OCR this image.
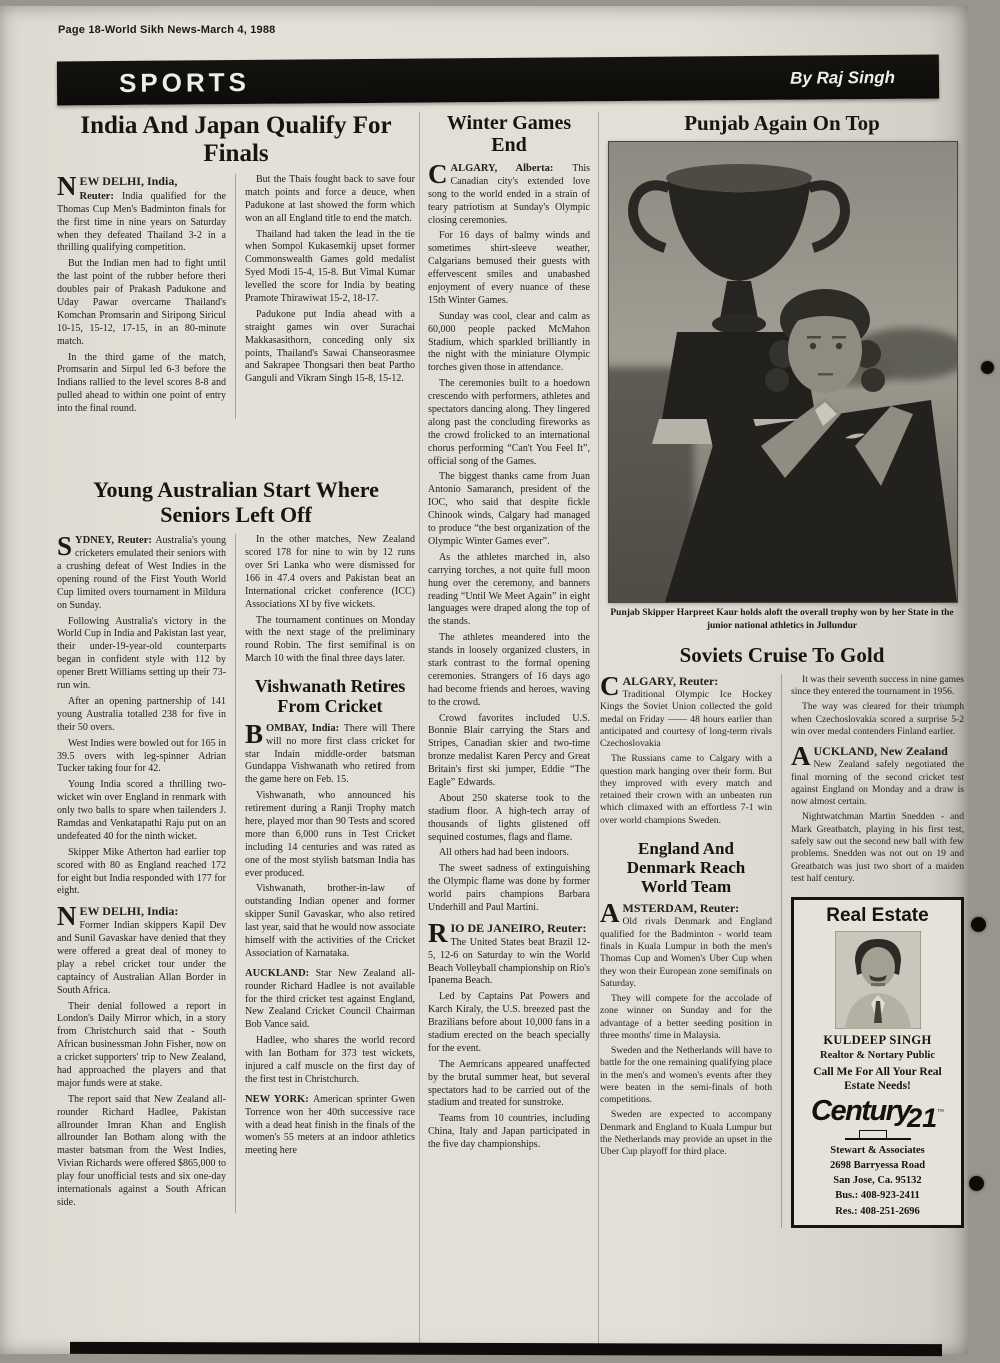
Page 18-World Sikh News-March 4, 1988
SPORTS	By Raj Singh
India And Japan Qualify For Finals

NEW DELHI, India,
Reuter: India qualified for the Thomas Cup Men's Badminton finals for the first time in nine years on Saturday when they defeated Thailand 3-2 in a thrilling qualifying competition.

But the Indian men had to fight until the last point of the rubber before theri doubles pair of Prakash Padukone and Uday Pawar overcame Thailand's Komchan Promsarin and Siripong Siricul 10-15, 15-12, 17-15, in an 80-minute match.

In the third game of the match, Promsarin and Sirpul led 6-3 before the Indians rallied to the level scores 8-8 and pulled ahead to within one point of entry into the final round.

But the Thais fought back to save four match points and force a deuce, when Padukone at last showed the form which won an all England title to end the match.

Thailand had taken the lead in the tie when Sompol Kukasemkij upset former Commonswealth Games gold medalist Syed Modi 15-4, 15-8. But Vimal Kumar levelled the score for India by beating Pramote Thirawiwat 15-2, 18-17.

Padukone put India ahead with a straight games win over Surachai Makkasasithorn, conceding only six points, Thailand's Sawai Chanseorasmee and Sakrapee Thongsari then beat Partho Ganguli and Vikram Singh 15-8, 15-12.

Young Australian Start Where Seniors Left Off

SYDNEY, Reuter: Australia's young cricketers emulated their seniors with a crushing defeat of West Indies in the opening round of the First Youth World Cup limited overs tournament in Mildura on Sunday.

Following Australia's victory in the World Cup in India and Pakistan last year, their under-19-year-old counterparts began in confident style with 112 by opener Brett Williams setting up their 73-run win.

After an opening partnership of 141 young Australia totalled 238 for five in their 50 overs.

West Indies were bowled out for 165 in 39.5 overs with leg-spinner Adrian Tucker taking four for 42.

Young India scored a thrilling two-wicket win over England in renmark with only two balls to spare when tailenders J. Ramdas and Venkatapathi Raju put on an undefeated 40 for the ninth wicket.

Skipper Mike Atherton had earlier top scored with 80 as England reached 172 for eight but India responded with 177 for eight.

NEW DELHI, India:
Former Indian skippers Kapil Dev and Sunil Gavaskar have denied that they were offered a great deal of money to play a rebel cricket tour under the captaincy of Australian Allan Border in South Africa.

Their denial followed a report in London's Daily Mirror which, in a story from Christchurch said that - South African businessman John Fisher, now on a cricket supporters' trip to New Zealand, had approached the players and that major funds were at stake.

The report said that New Zealand all-rounder Richard Hadlee, Pakistan allrounder Imran Khan and English allrounder Ian Botham along with the master batsman from the West Indies, Vivian Richards were offered $865,000 to play four unofficial tests and six one-day internationals against a South African side.

In the other matches, New Zealand scored 178 for nine to win by 12 runs over Sri Lanka who were dismissed for 166 in 47.4 overs and Pakistan beat an International cricket conference (ICC) Associations XI by five wickets.

The tournament continues on Monday with the next stage of the preliminary round Robin. The first semifinal is on March 10 with the final three days later.

Vishwanath Retires From Cricket

BOMBAY, India: There will There will no more first class cricket for star Indain middle-order batsman Gundappa Vishwanath who retired from the game here on Feb. 15.

Vishwanath, who announced his retirement during a Ranji Trophy match here, played mor than 90 Tests and scored more than 6,000 runs in Test Cricket including 14 centuries and was rated as one of the most stylish batsman India has ever produced.

Vishwanath, brother-in-law of outstanding Indian opener and former skipper Sunil Gavaskar, who also retired last year, said that he would now associate himself with the activities of the Cricket Association of Karnataka.

AUCKLAND: Star New Zealand all-rounder Richard Hadlee is not available for the third cricket test against England, New Zealand Cricket Council Chairman Bob Vance said.

Hadlee, who shares the world record with Ian Botham for 373 test wickets, injured a calf muscle on the first day of the first test in Christchurch.

NEW YORK: American sprinter Gwen Torrence won her 40th successive race with a dead heat finish in the finals of the women's 55 meters at an indoor athletics meeting here

Winter Games End

CALGARY, Alberta: This Canadian city's extended love song to the world ended in a strain of teary patriotism at Sunday's Olympic closing ceremonies.

For 16 days of balmy winds and sometimes shirt-sleeve weather, Calgarians bemused their guests with effervescent smiles and unabashed enjoyment of every nuance of these 15th Winter Games.

Sunday was cool, clear and calm as 60,000 people packed McMahon Stadium, which sparkled brilliantly in the night with the miniature Olympic torches given those in attendance.

The ceremonies built to a hoedown crescendo with performers, athletes and spectators dancing along. They lingered along past the concluding fireworks as the crowd frolicked to an international chorus performing “Can't You Feel It”, official song of the Games.

The biggest thanks came from Juan Antonio Samaranch, president of the IOC, who said that despite fickle Chinook winds, Calgary had managed to produce “the best organization of the Olympic Winter Games ever”.

As the athletes marched in, also carrying torches, a not quite full moon hung over the ceremony, and banners reading “Until We Meet Again” in eight languages were draped along the top of the stands.

The athletes meandered into the stands in loosely organized clusters, in stark contrast to the formal opening ceremonies. Strangers of 16 days ago had become friends and heroes, waving to the crowd.

Crowd favorites included U.S. Bonnie Blair carrying the Stars and Stripes, Canadian skier and two-time bronze medalist Karen Percy and Great Britain's first ski jumper, Eddie “The Eagle” Edwards.

About 250 skaterse took to the stadium floor. A high-tech array of thousands of lights glistened off sequined costumes, flags and flame.

All others had had been indoors.

The sweet sadness of extinguishing the Olympic flame was done by former world pairs champions Barbara Underhill and Paul Martini.

RIO DE JANEIRO, Reuter:
The United States beat Brazil 12-5, 12-6 on Saturday to win the World Beach Volleyball championship on Rio's Ipanema Beach.

Led by Captains Pat Powers and Karch Kiraly, the U.S. breezed past the Brazilians before about 10,000 fans in a stadium erected on the beach specially for the event.

The Aemricans appeared unaffected by the brutal summer heat, but several spectators had to be carried out of the stadium and treated for sunstroke.

Teams from 10 countries, including China, Italy and Japan participated in the five day championships.

Punjab Again On Top
Punjab Skipper Harpreet Kaur holds aloft the overall trophy won by her State in the junior national athletics in Jullundur
Soviets Cruise To Gold

CALGARY, Reuter:
Traditional Olympic Ice Hockey Kings the Soviet Union collected the gold medal on Friday —— 48 hours earlier than anticipated and courtesy of long-term rivals Czechoslovakia

The Russians came to Calgary with a question mark hanging over their form. But they improved with every match and retained their crown with an unbeaten run which climaxed with an effortless 7-1 win over world champions Sweden.

England And Denmark Reach World Team

AMSTERDAM, Reuter:
Old rivals Denmark and England qualified for the Badminton - world team finals in Kuala Lumpur in both the men's Thomas Cup and Women's Uber Cup when they won their European zone semifinals on Saturday.

They will compete for the accolade of zone winner on Sunday and for the advantage of a better seeding position in three months' time in Malaysia.

Sweden and the Netherlands will have to battle for the one remaining qualifying place in the men's and women's events after they were beaten in the semi-finals of both competitions.

Sweden are expected to accompany Denmark and England to Kuala Lumpur but the Netherlands may provide an upset in the Uber Cup playoff for third place.

It was their seventh success in nine games since they entered the tournament in 1956.

The way was cleared for their triumph when Czechoslovakia scored a surprise 5-2 win over medal contenders Finland earlier.

AUCKLAND, New Zealand
New Zealand safely negotiated the final morning of the second cricket test against England on Monday and a draw is now almost certain.

Nightwatchman Martin Snedden - and Mark Greatbatch, playing in his first test, safely saw out the second new ball with few problems. Snedden was not out on 19 and Greatbatch was just two short of a maiden test half century.

Real Estate
KULDEEP SINGH
Realtor & Nortary Public
Call Me For All Your Real Estate Needs!
Century21™
Stewart & Associates
2698 Barryessa Road
San Jose, Ca. 95132
Bus.: 408-923-2411
Res.: 408-251-2696
